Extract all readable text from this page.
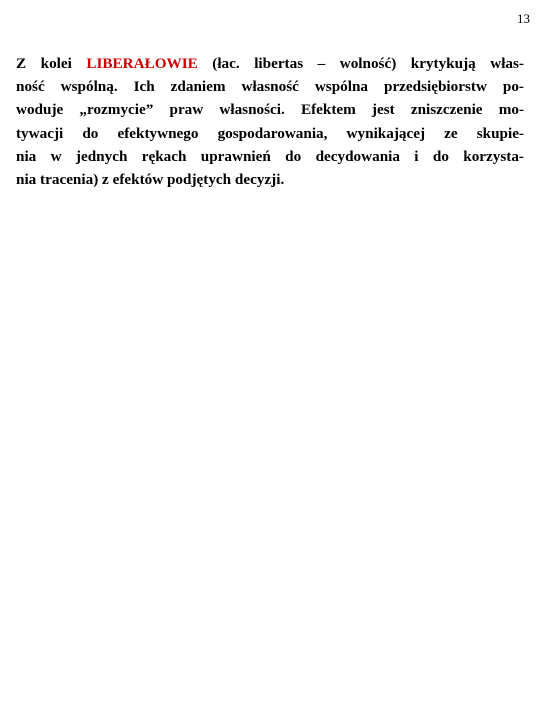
13
Z kolei LIBERAŁOWIE (łac. libertas – wolność) krytykują włas-
ność wspólną. Ich zdaniem własność wspólna przedsiębiorstw po-
woduje „rozmycie” praw własności. Efektem jest zniszczenie mo-
tywacji do efektywnego gospodarowania, wynikającej ze skupie-
nia w jednych rękach uprawnień do decydowania i do korzysta-
nia tracenia) z efektów podjętych decyzji.
